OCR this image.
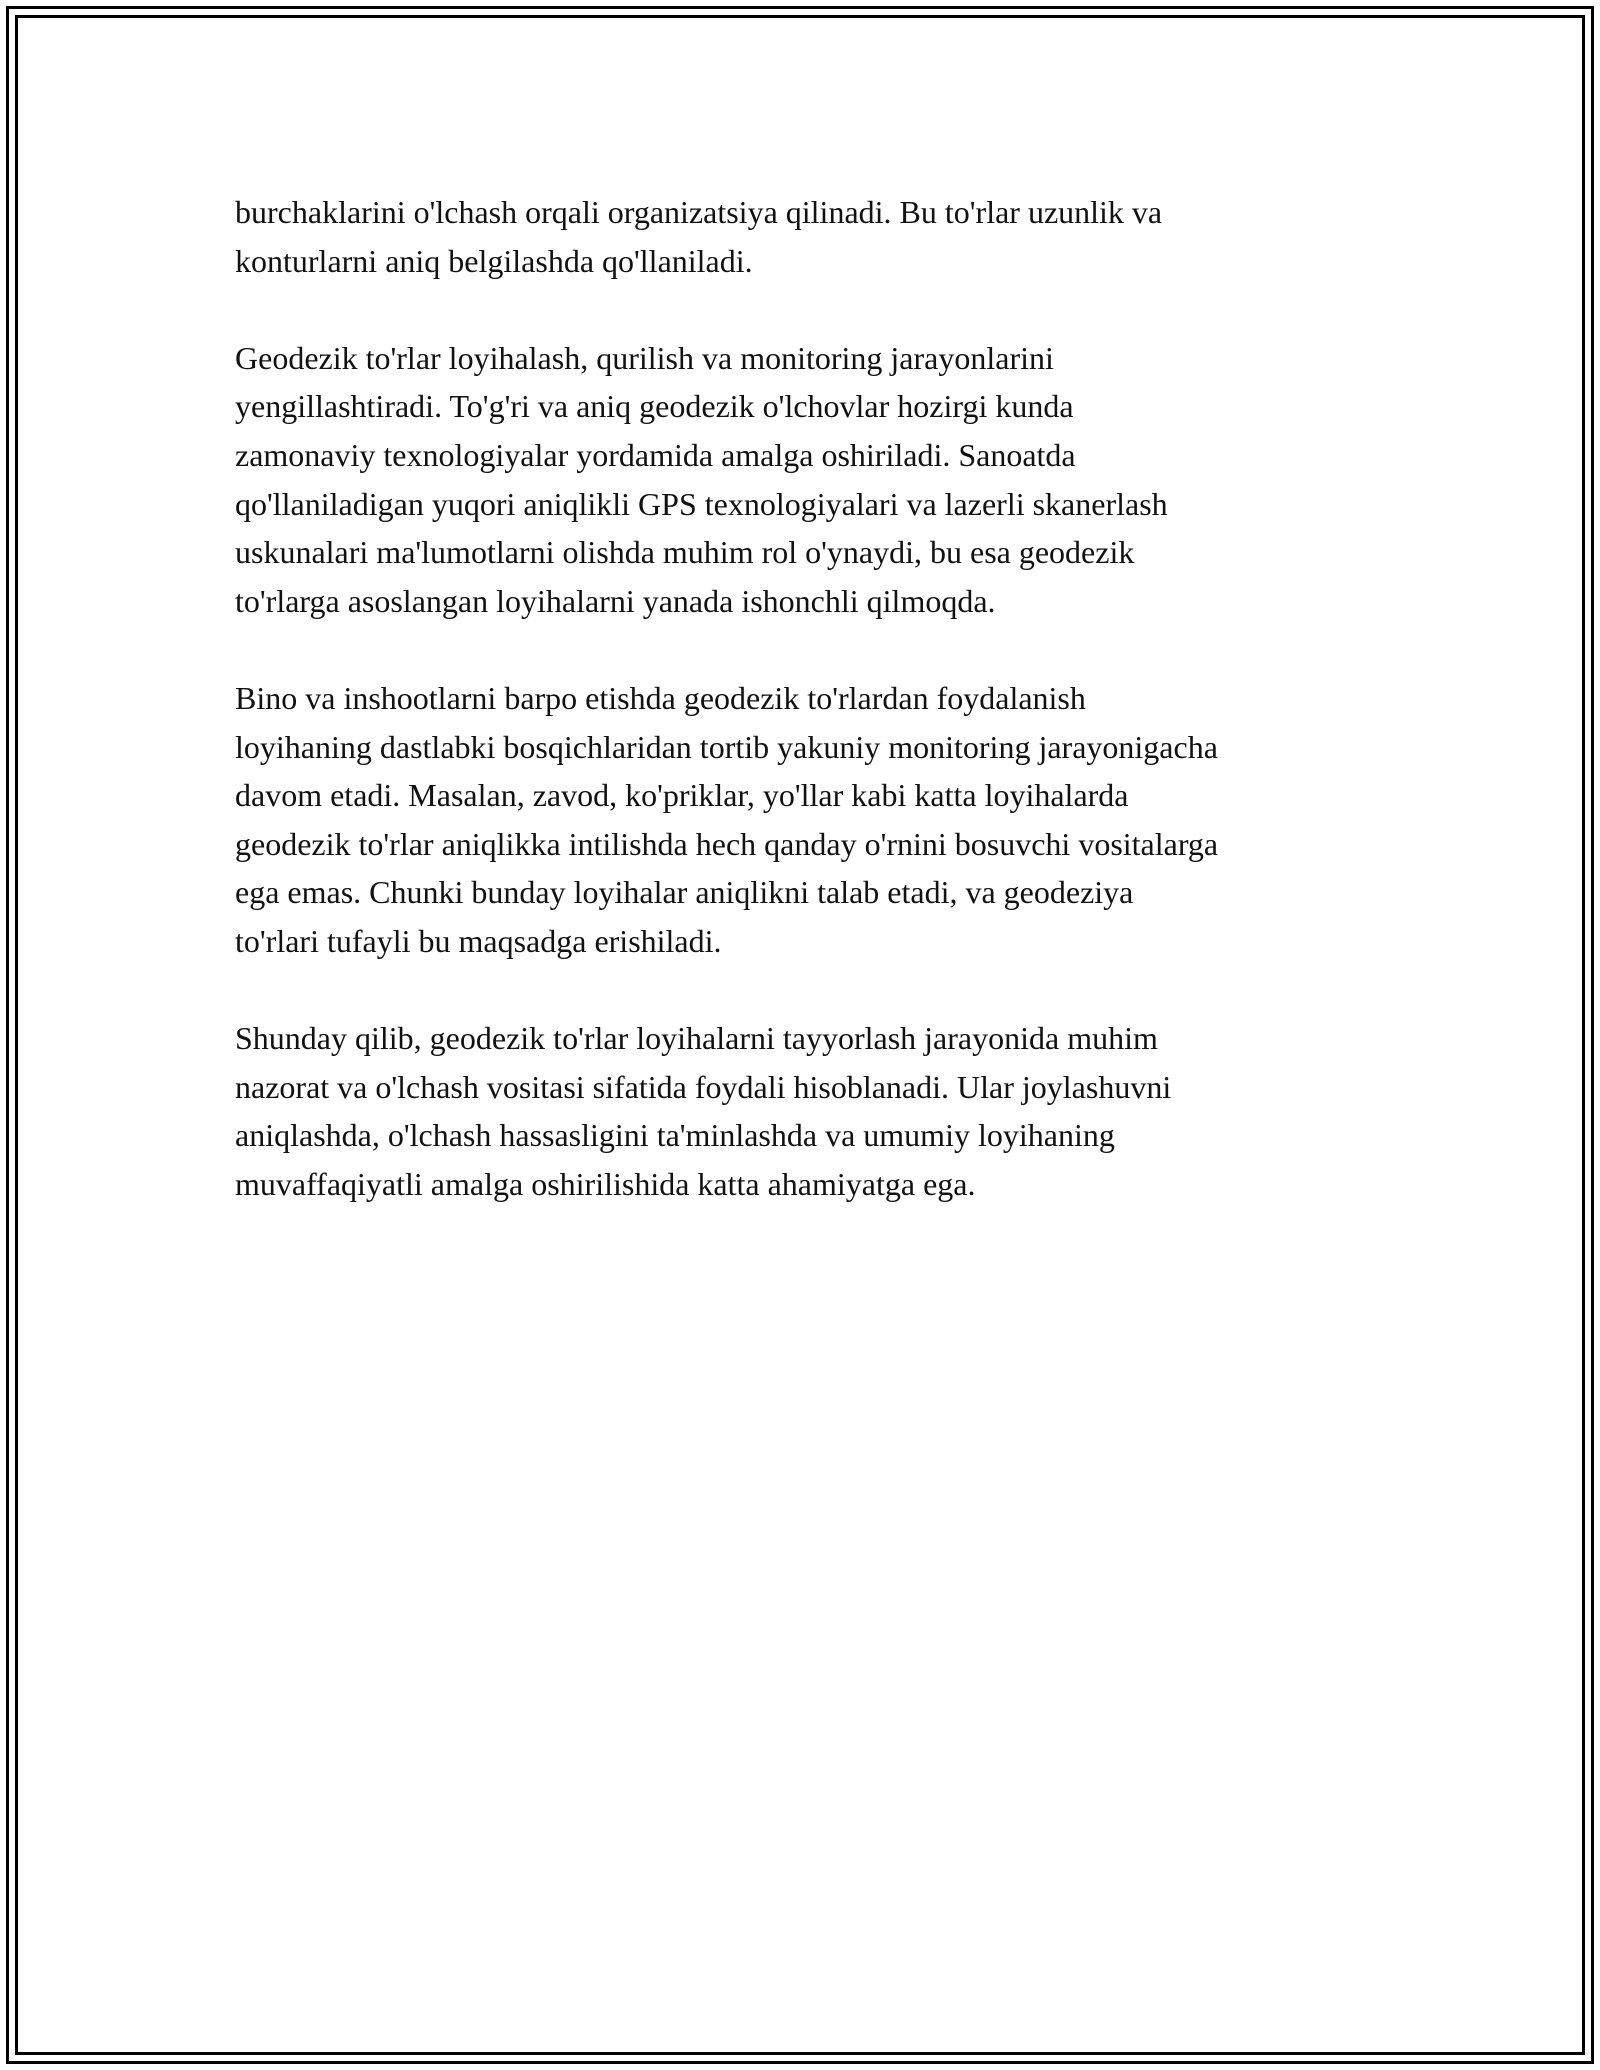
burchaklarini o'lchash orqali organizatsiya qilinadi. Bu to'rlar uzunlik va
konturlarni aniq belgilashda qo'llaniladi.

Geodezik to'rlar loyihalash, qurilish va monitoring jarayonlarini
yengillashtiradi. To'g'ri va aniq geodezik o'lchovlar hozirgi kunda
zamonaviy texnologiyalar yordamida amalga oshiriladi. Sanoatda
qo'llaniladigan yuqori aniqlikli GPS texnologiyalari va lazerli skanerlash
uskunalari ma'lumotlarni olishda muhim rol o'ynaydi, bu esa geodezik
to'rlarga asoslangan loyihalarni yanada ishonchli qilmoqda.

Bino va inshootlarni barpo etishda geodezik to'rlardan foydalanish
loyihaning dastlabki bosqichlaridan tortib yakuniy monitoring jarayonigacha
davom etadi. Masalan, zavod, ko'priklar, yo'llar kabi katta loyihalarda
geodezik to'rlar aniqlikka intilishda hech qanday o'rnini bosuvchi vositalarga
ega emas. Chunki bunday loyihalar aniqlikni talab etadi, va geodeziya
to'rlari tufayli bu maqsadga erishiladi.

Shunday qilib, geodezik to'rlar loyihalarni tayyorlash jarayonida muhim
nazorat va o'lchash vositasi sifatida foydali hisoblanadi. Ular joylashuvni
aniqlashda, o'lchash hassasligini ta'minlashda va umumiy loyihaning
muvaffaqiyatli amalga oshirilishida katta ahamiyatga ega.
